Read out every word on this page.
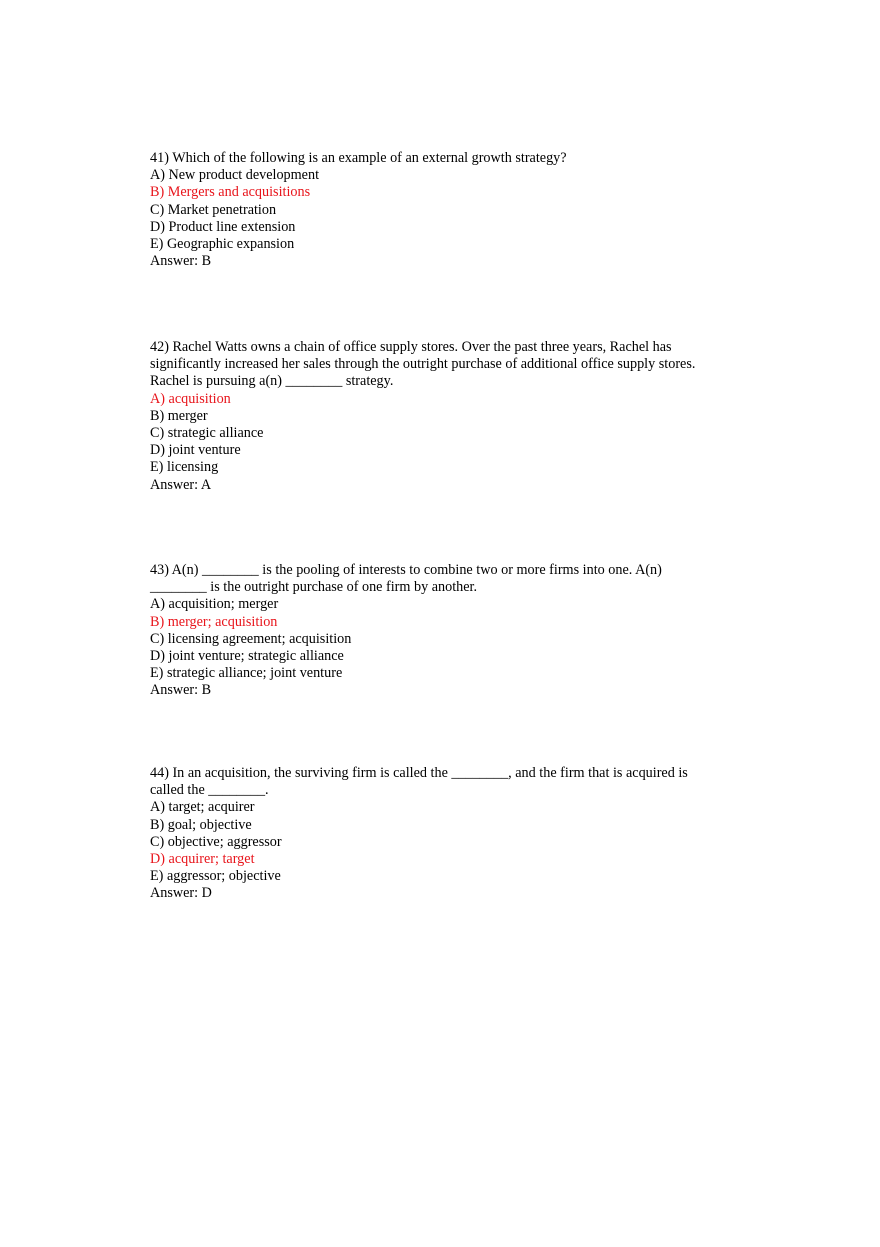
41) Which of the following is an example of an external growth strategy?
A) New product development
B) Mergers and acquisitions
C) Market penetration
D) Product line extension
E) Geographic expansion
Answer: B
42) Rachel Watts owns a chain of office supply stores. Over the past three years, Rachel has
significantly increased her sales through the outright purchase of additional office supply stores.
Rachel is pursuing a(n) ________ strategy.
A) acquisition
B) merger
C) strategic alliance
D) joint venture
E) licensing
Answer: A
43) A(n) ________ is the pooling of interests to combine two or more firms into one. A(n)
________ is the outright purchase of one firm by another.
A) acquisition; merger
B) merger; acquisition
C) licensing agreement; acquisition
D) joint venture; strategic alliance
E) strategic alliance; joint venture
Answer: B
44) In an acquisition, the surviving firm is called the ________, and the firm that is acquired is
called the ________.
A) target; acquirer
B) goal; objective
C) objective; aggressor
D) acquirer; target
E) aggressor; objective
Answer: D
